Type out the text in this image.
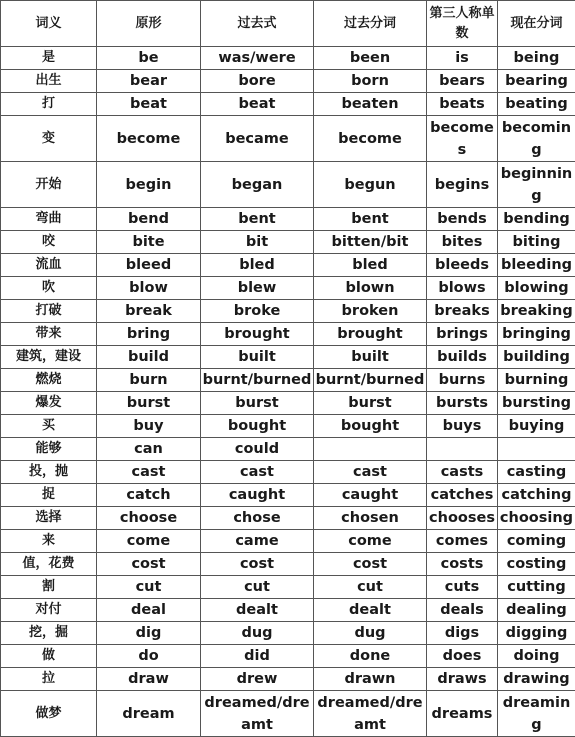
词义	原形	过去式	过去分词	第三人称单数	现在分词
是	be	was/were	been	is	being
出生	bear	bore	born	bears	bearing
打	beat	beat	beaten	beats	beating
变	become	became	become	becomes	becoming
开始	begin	began	begun	begins	beginning
弯曲	bend	bent	bent	bends	bending
咬	bite	bit	bitten/bit	bites	biting
流血	bleed	bled	bled	bleeds	bleeding
吹	blow	blew	blown	blows	blowing
打破	break	broke	broken	breaks	breaking
带来	bring	brought	brought	brings	bringing
建筑，建设	build	built	built	builds	building
燃烧	burn	burnt/burned	burnt/burned	burns	burning
爆发	burst	burst	burst	bursts	bursting
买	buy	bought	bought	buys	buying
能够	can	could			
投，抛	cast	cast	cast	casts	casting
捉	catch	caught	caught	catches	catching
选择	choose	chose	chosen	chooses	choosing
来	come	came	come	comes	coming
值，花费	cost	cost	cost	costs	costing
割	cut	cut	cut	cuts	cutting
对付	deal	dealt	dealt	deals	dealing
挖，掘	dig	dug	dug	digs	digging
做	do	did	done	does	doing
拉	draw	drew	drawn	draws	drawing
做梦	dream	dreamed/dreamt	dreamed/dreamt	dreams	dreaming
